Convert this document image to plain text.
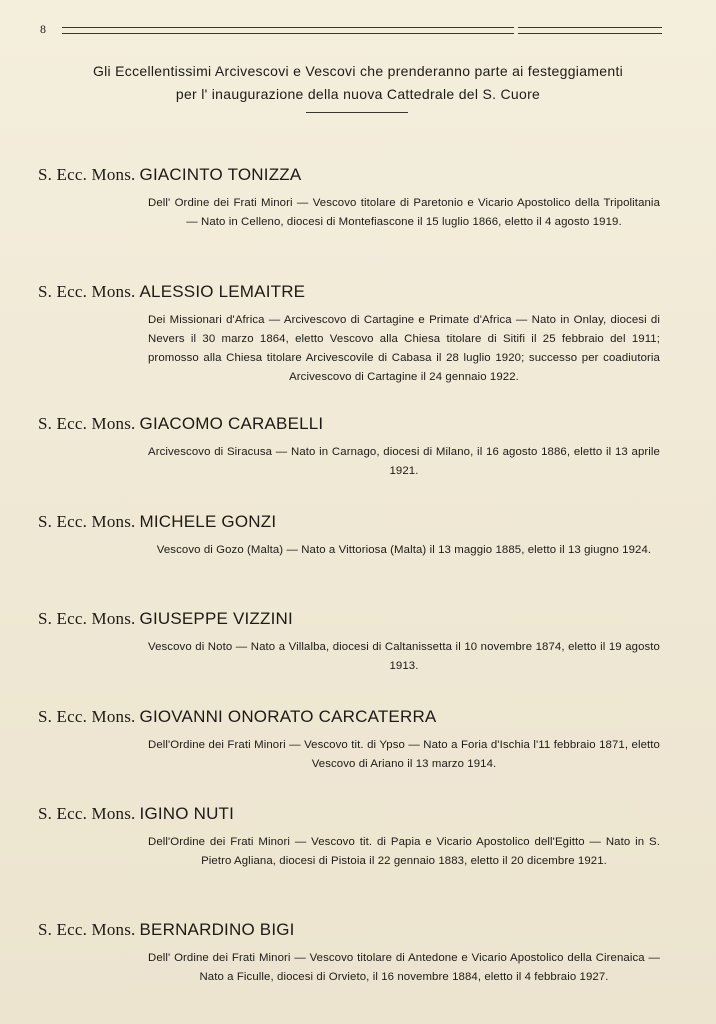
8
Gli Eccellentissimi Arcivescovi e Vescovi che prenderanno parte ai festeggiamenti
per l' inaugurazione della nuova Cattedrale del S. Cuore
S. Ecc. Mons. GIACINTO TONIZZA
Dell' Ordine dei Frati Minori — Vescovo titolare di Paretonio e Vicario Apostolico della Tripolitania — Nato in Celleno, diocesi di Montefiascone il 15 luglio 1866, eletto il 4 agosto 1919.
S. Ecc. Mons. ALESSIO LEMAITRE
Dei Missionari d'Africa — Arcivescovo di Cartagine e Primate d'Africa — Nato in Onlay, diocesi di Nevers il 30 marzo 1864, eletto Vescovo alla Chiesa titolare di Sitifi il 25 febbraio del 1911; promosso alla Chiesa titolare Arcivescovile di Cabasa il 28 luglio 1920; successo per coadiutoria Arcivescovo di Cartagine il 24 gennaio 1922.
S. Ecc. Mons. GIACOMO CARABELLI
Arcivescovo di Siracusa — Nato in Carnago, diocesi di Milano, il 16 agosto 1886, eletto il 13 aprile 1921.
S. Ecc. Mons. MICHELE GONZI
Vescovo di Gozo (Malta) — Nato a Vittoriosa (Malta) il 13 maggio 1885, eletto il 13 giugno 1924.
S. Ecc. Mons. GIUSEPPE VIZZINI
Vescovo di Noto — Nato a Villalba, diocesi di Caltanissetta il 10 novembre 1874, eletto il 19 agosto 1913.
S. Ecc. Mons. GIOVANNI ONORATO CARCATERRA
Dell'Ordine dei Frati Minori — Vescovo tit. di Ypso — Nato a Foria d'Ischia l'11 febbraio 1871, eletto Vescovo di Ariano il 13 marzo 1914.
S. Ecc. Mons. IGINO NUTI
Dell'Ordine dei Frati Minori — Vescovo tit. di Papia e Vicario Apostolico dell'Egitto — Nato in S. Pietro Agliana, diocesi di Pistoia il 22 gennaio 1883, eletto il 20 dicembre 1921.
S. Ecc. Mons. BERNARDINO BIGI
Dell' Ordine dei Frati Minori — Vescovo titolare di Antedone e Vicario Apostolico della Cirenaica — Nato a Ficulle, diocesi di Orvieto, il 16 novembre 1884, eletto il 4 febbraio 1927.
